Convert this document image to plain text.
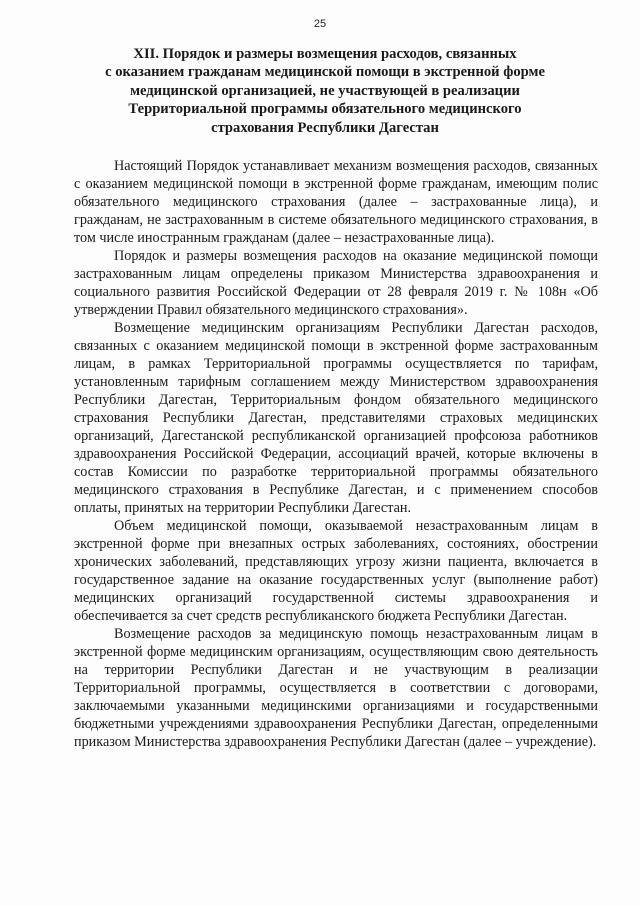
25
XII. Порядок и размеры возмещения расходов, связанных
с оказанием гражданам медицинской помощи в экстренной форме
медицинской организацией, не участвующей в реализации
Территориальной программы обязательного медицинского
страхования Республики Дагестан

Настоящий Порядок устанавливает механизм возмещения расходов, связанных с оказанием медицинской помощи в экстренной форме гражданам, имеющим полис обязательного медицинского страхования (далее – застрахованные лица), и гражданам, не застрахованным в системе обязательного медицинского страхования, в том числе иностранным гражданам (далее – незастрахованные лица).

Порядок и размеры возмещения расходов на оказание медицинской помощи застрахованным лицам определены приказом Министерства здравоохранения и социального развития Российской Федерации от 28 февраля 2019 г. № 108н «Об утверждении Правил обязательного медицинского страхования».

Возмещение медицинским организациям Республики Дагестан расходов, связанных с оказанием медицинской помощи в экстренной форме застрахованным лицам, в рамках Территориальной программы осуществляется по тарифам, установленным тарифным соглашением между Министерством здравоохранения Республики Дагестан, Территориальным фондом обязательного медицинского страхования Республики Дагестан, представителями страховых медицинских организаций, Дагестанской республиканской организацией профсоюза работников здравоохранения Российской Федерации, ассоциаций врачей, которые включены в состав Комиссии по разработке территориальной программы обязательного медицинского страхования в Республике Дагестан, и с применением способов оплаты, принятых на территории Республики Дагестан.

Объем медицинской помощи, оказываемой незастрахованным лицам в экстренной форме при внезапных острых заболеваниях, состояниях, обострении хронических заболеваний, представляющих угрозу жизни пациента, включается в государственное задание на оказание государственных услуг (выполнение работ) медицинских организаций государственной системы здравоохранения и обеспечивается за счет средств республиканского бюджета Республики Дагестан.

Возмещение расходов за медицинскую помощь незастрахованным лицам в экстренной форме медицинским организациям, осуществляющим свою деятельность на территории Республики Дагестан и не участвующим в реализации Территориальной программы, осуществляется в соответствии с договорами, заключаемыми указанными медицинскими организациями и государственными бюджетными учреждениями здравоохранения Республики Дагестан, определенными приказом Министерства здравоохранения Республики Дагестан (далее – учреждение).
